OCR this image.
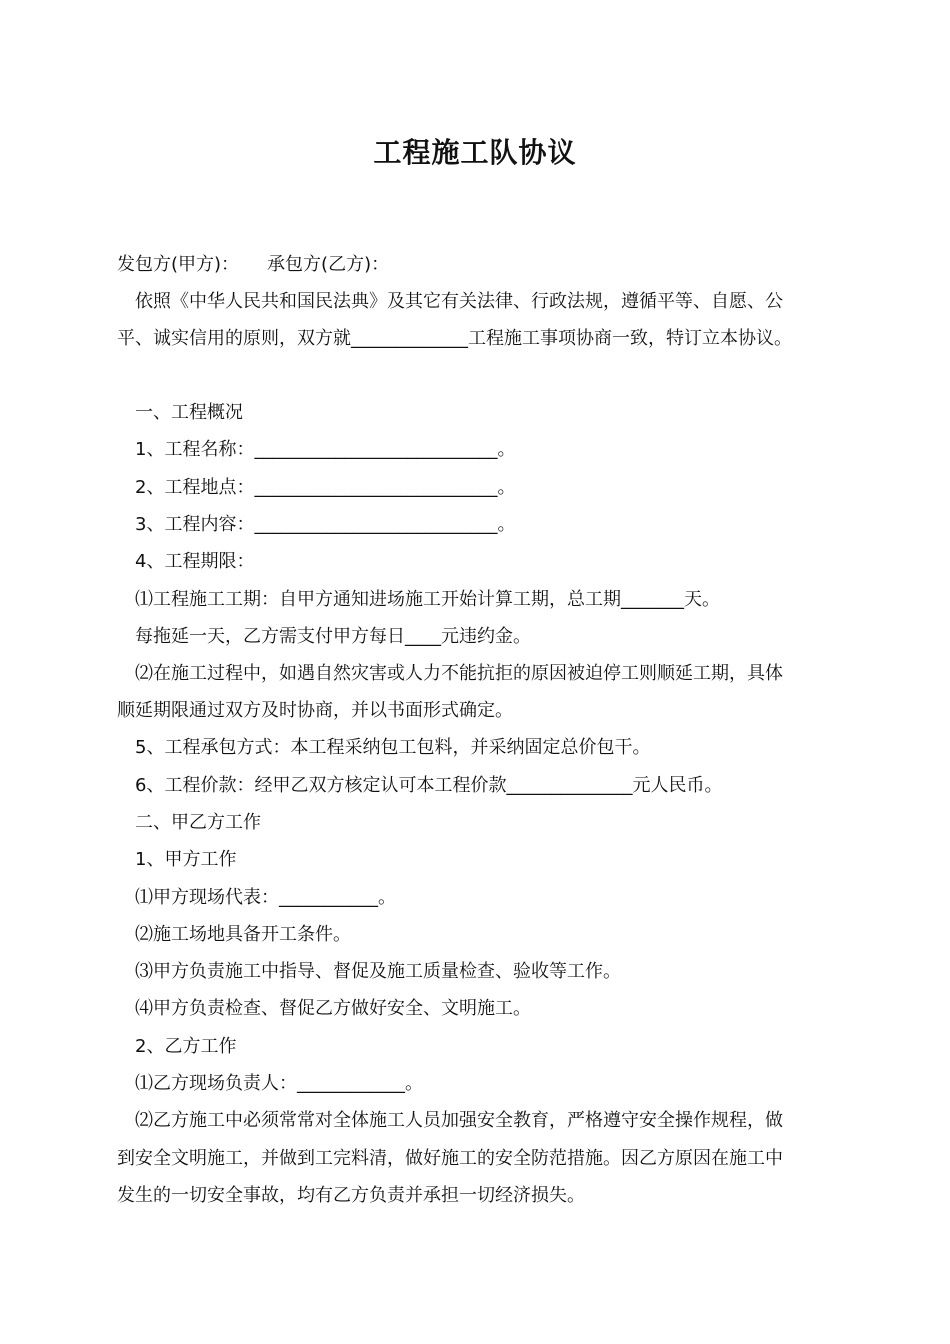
工程施工队协议
发包方(甲方)： 承包方(乙方)：
依照《中华人民共和国民法典》及其它有关法律、行政法规，遵循平等、自愿、公
平、诚实信用的原则，双方就_____________工程施工事项协商一致，特订立本协议。
一、工程概况
1、工程名称：___________________________。
2、工程地点：___________________________。
3、工程内容：___________________________。
4、工程期限：
⑴工程施工工期：自甲方通知进场施工开始计算工期，总工期_______天。
每拖延一天，乙方需支付甲方每日____元违约金。
⑵在施工过程中，如遇自然灾害或人力不能抗拒的原因被迫停工则顺延工期，具体
顺延期限通过双方及时协商，并以书面形式确定。
5、工程承包方式：本工程采纳包工包料，并采纳固定总价包干。
6、工程价款：经甲乙双方核定认可本工程价款______________元人民币。
二、甲乙方工作
1、甲方工作
⑴甲方现场代表：___________。
⑵施工场地具备开工条件。
⑶甲方负责施工中指导、督促及施工质量检查、验收等工作。
⑷甲方负责检查、督促乙方做好安全、文明施工。
2、乙方工作
⑴乙方现场负责人：____________。
⑵乙方施工中必须常常对全体施工人员加强安全教育，严格遵守安全操作规程，做
到安全文明施工，并做到工完料清，做好施工的安全防范措施。因乙方原因在施工中
发生的一切安全事故，均有乙方负责并承担一切经济损失。
